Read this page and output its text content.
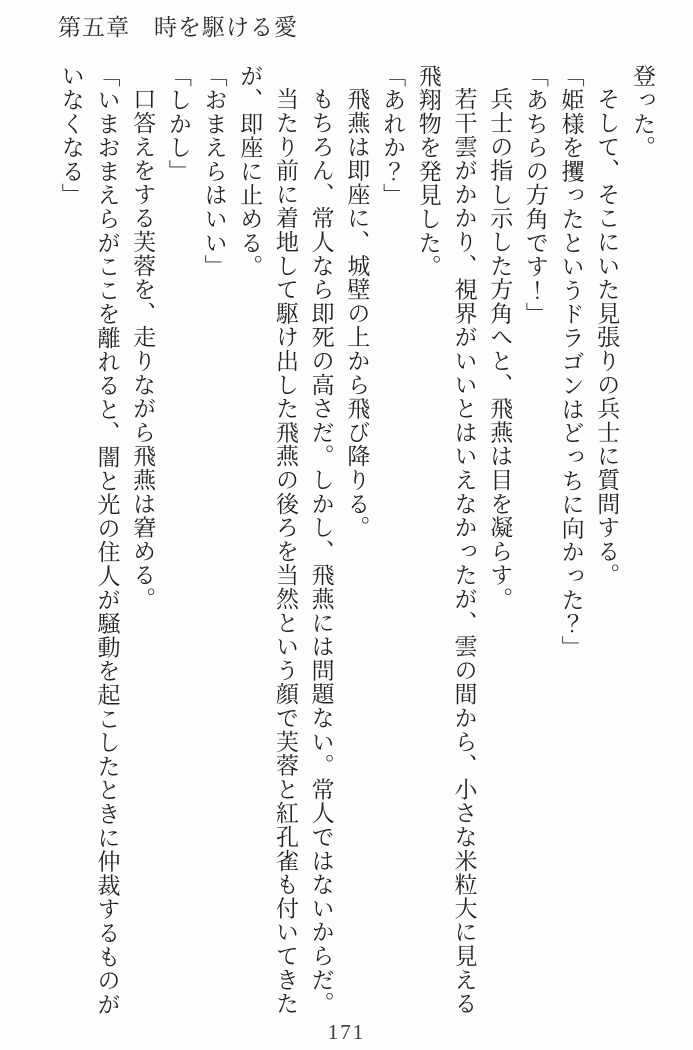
第五章　時を駆ける愛

登った。

そして、そこにいた見張りの兵士に質問する。

「姫様を攫ったというドラゴンはどっちに向かった？」

「あちらの方角です！」

兵士の指し示した方角へと、飛燕は目を凝らす。

若干雲がかかり、視界がいいとはいえなかったが、雲の間から、小さな米粒大に見える飛翔物を発見した。

「あれか？」

飛燕は即座に、城壁の上から飛び降りる。

もちろん、常人なら即死の高さだ。しかし、飛燕には問題ない。常人ではないからだ。

当たり前に着地して駆け出した飛燕の後ろを当然という顔で芙蓉と紅孔雀も付いてきたが、即座に止める。

「おまえらはいい」

「しかし」

口答えをする芙蓉を、走りながら飛燕は窘める。

「いまおまえらがここを離れると、闇と光の住人が騒動を起こしたときに仲裁するものがいなくなる」

171
